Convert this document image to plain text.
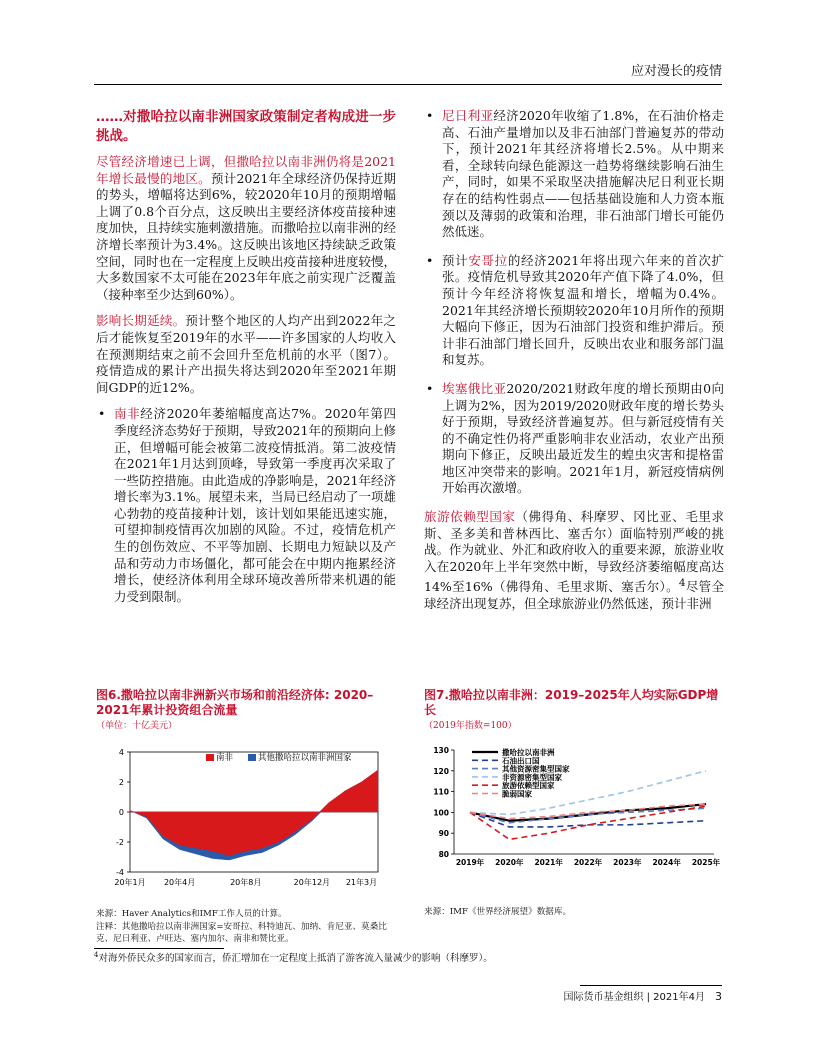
应对漫长的疫情
……对撒哈拉以南非洲国家政策制定者构成进一步挑战。

尽管经济增速已上调，但撒哈拉以南非洲仍将是2021年增长最慢的地区。预计2021年全球经济仍保持近期的势头，增幅将达到6%，较2020年10月的预期增幅上调了0.8个百分点，这反映出主要经济体疫苗接种速度加快，且持续实施刺激措施。而撒哈拉以南非洲的经济增长率预计为3.4%。这反映出该地区持续缺乏政策空间，同时也在一定程度上反映出疫苗接种进度较慢，大多数国家不太可能在2023年年底之前实现广泛覆盖（接种率至少达到60%）。

影响长期延续。预计整个地区的人均产出到2022年之后才能恢复至2019年的水平——许多国家的人均收入在预测期结束之前不会回升至危机前的水平（图7）。疫情造成的累计产出损失将达到2020年至2021年期间GDP的近12%。

• 南非经济2020年萎缩幅度高达7%。2020年第四季度经济态势好于预期，导致2021年的预期向上修正，但增幅可能会被第二波疫情抵消。第二波疫情在2021年1月达到顶峰，导致第一季度再次采取了一些防控措施。由此造成的净影响是，2021年经济增长率为3.1%。展望未来，当局已经启动了一项雄心勃勃的疫苗接种计划，该计划如果能迅速实施，可望抑制疫情再次加剧的风险。不过，疫情危机产生的创伤效应、不平等加剧、长期电力短缺以及产品和劳动力市场僵化，都可能会在中期内拖累经济增长，使经济体利用全球环境改善所带来机遇的能力受到限制。
• 尼日利亚经济2020年收缩了1.8%，在石油价格走高、石油产量增加以及非石油部门普遍复苏的带动下，预计2021年其经济将增长2.5%。从中期来看，全球转向绿色能源这一趋势将继续影响石油生产，同时，如果不采取坚决措施解决尼日利亚长期存在的结构性弱点——包括基础设施和人力资本瓶颈以及薄弱的政策和治理，非石油部门增长可能仍然低迷。
• 预计安哥拉的经济2021年将出现六年来的首次扩张。疫情危机导致其2020年产值下降了4.0%，但预计今年经济将恢复温和增长，增幅为0.4%。2021年其经济增长预期较2020年10月所作的预期大幅向下修正，因为石油部门投资和维护滞后。预计非石油部门增长回升，反映出农业和服务部门温和复苏。
• 埃塞俄比亚2020/2021财政年度的增长预期由0向上调为2%，因为2019/2020财政年度的增长势头好于预期，导致经济普遍复苏。但与新冠疫情有关的不确定性仍将严重影响非农业活动，农业产出预期向下修正，反映出最近发生的蝗虫灾害和提格雷地区冲突带来的影响。2021年1月，新冠疫情病例开始再次激增。

旅游依赖型国家（佛得角、科摩罗、冈比亚、毛里求斯、圣多美和普林西比、塞舌尔）面临特别严峻的挑战。作为就业、外汇和政府收入的重要来源，旅游业收入在2020年上半年突然中断，导致经济萎缩幅度高达14%至16%（佛得角、毛里求斯、塞舌尔）。$^4$尽管全球经济出现复苏，但全球旅游业仍然低迷，预计非洲

图6.撒哈拉以南非洲新兴市场和前沿经济体: 2020–2021年累计投资组合流量
（单位：十亿美元）
-4
-2
0
2
4
20年1月 20年4月	20年8月	20年12月 21年3月
南非	其他撒哈拉以南非洲国家
来源：Haver Analytics和IMF工作人员的计算。
注释：其他撒哈拉以南非洲国家=安哥拉、科特迪瓦、加纳、肯尼亚、莫桑比克、尼日利亚、卢旺达、塞内加尔、南非和赞比亚。
图7.撒哈拉以南非洲：2019–2025年人均实际GDP增长
（2019年指数=100）
80
90
100
110
120
130
2019年 2020年 2021年 2022年 2023年 2024年 2025年
撒哈拉以南非洲
石油出口国
其他资源密集型国家
非资源密集型国家
旅游依赖型国家
脆弱国家
来源：IMF《世界经济展望》数据库。
$^4$对海外侨民众多的国家而言，侨汇增加在一定程度上抵消了游客流入量减少的影响（科摩罗）。
国际货币基金组织 | 2021年4月 3
